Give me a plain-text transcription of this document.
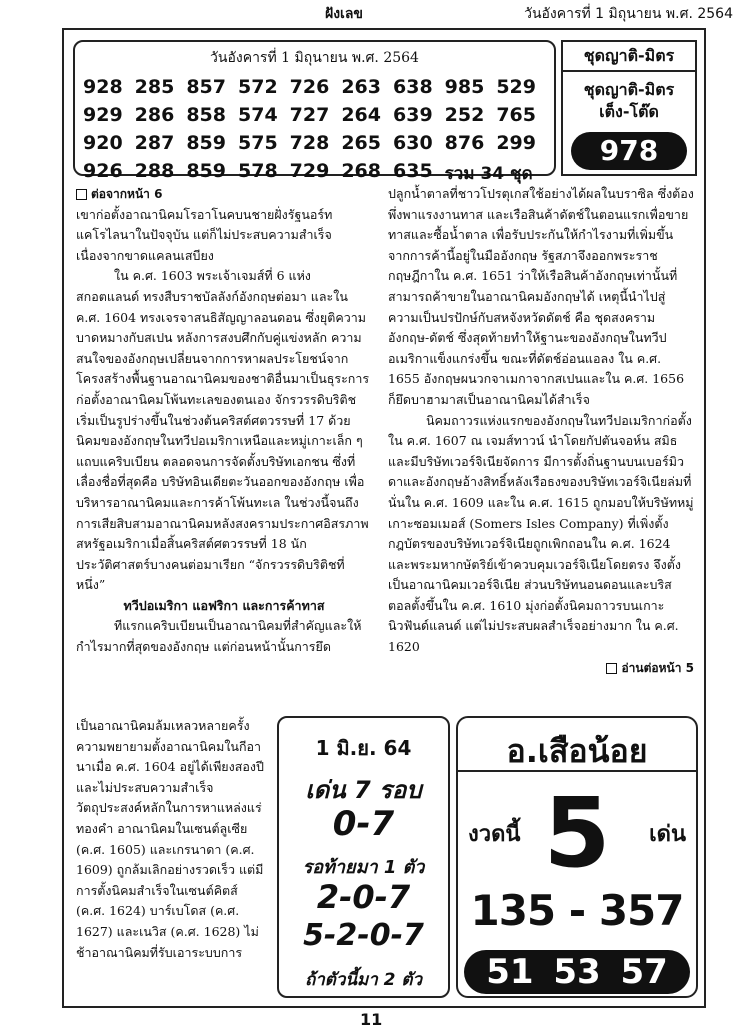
ฝังเลข	วันอังคารที่ 1 มิถุนายน พ.ศ. 2564
วันอังคารที่ 1 มิถุนายน พ.ศ. 2564
928 285 857 572 726 263 638 985 529
929 286 858 574 727 264 639 252 765
920 287 859 575 728 265 630 876 299
926 288 859 578 729 268 635 รวม 34 ชุด
ชุดญาติ-มิตร
ชุดญาติ-มิตร
เต็ง-โต๊ด
978

ต่อจากหน้า 6

เขาก่อตั้งอาณานิคมโรอาโนคบนชายฝั่งรัฐนอร์ทแคโรไลนาในปัจจุบัน แต่ก็ไม่ประสบความสำเร็จเนื่องจากขาดแคลนเสบียง

ใน ค.ศ. 1603 พระเจ้าเจมส์ที่ 6 แห่งสกอตแลนด์ ทรงสืบราชบัลลังก์อังกฤษต่อมา และใน ค.ศ. 1604 ทรงเจรจาสนธิสัญญาลอนดอน ซึ่งยุติความบาดหมางกับสเปน หลังการสงบศึกกับคู่แข่งหลัก ความสนใจของอังกฤษเปลี่ยนจากการหาผลประโยชน์จากโครงสร้างพื้นฐานอาณานิคมของชาติอื่นมาเป็นธุระการก่อตั้งอาณานิคมโพ้นทะเลของตนเอง จักรวรรดิบริติชเริ่มเป็นรูปร่างขึ้นในช่วงต้นคริสต์ศตวรรษที่ 17 ด้วยนิคมของอังกฤษในทวีปอเมริกาเหนือและหมู่เกาะเล็ก ๆ แถบแคริบเบียน ตลอดจนการจัดตั้งบริษัทเอกชน ซึ่งที่เลื่องชื่อที่สุดคือ บริษัทอินเดียตะวันออกของอังกฤษ เพื่อบริหารอาณานิคมและการค้าโพ้นทะเล ในช่วงนี้จนถึงการเสียสิบสามอาณานิคมหลังสงครามประกาศอิสรภาพสหรัฐอเมริกาเมื่อสิ้นคริสต์ศตวรรษที่ 18 นักประวัติศาสตร์บางคนต่อมาเรียก “จักรวรรดิบริติชที่หนึ่ง”

ทวีปอเมริกา แอฟริกา และการค้าทาส

ทีแรกแคริบเบียนเป็นอาณานิคมที่สำคัญและให้กำไรมากที่สุดของอังกฤษ แต่ก่อนหน้านั้นการยึด

เป็นอาณานิคมล้มเหลวหลายครั้ง ความพยายามตั้งอาณานิคมในกีอานาเมื่อ ค.ศ. 1604 อยู่ได้เพียงสองปี และไม่ประสบความสำเร็จวัตถุประสงค์หลักในการหาแหล่งแร่ทองคำ อาณานิคมในเซนต์ลูเซีย (ค.ศ. 1605) และเกรนาดา (ค.ศ. 1609) ถูกล้มเลิกอย่างรวดเร็ว แต่มีการตั้งนิคมสำเร็จในเซนต์คิตส์ (ค.ศ. 1624) บาร์เบโดส (ค.ศ. 1627) และเนวิส (ค.ศ. 1628) ไม่ช้าอาณานิคมที่รับเอาระบบการ

ปลูกน้ำตาลที่ชาวโปรตุเกสใช้อย่างได้ผลในบราซิล ซึ่งต้องพึ่งพาแรงงานทาส และเรือสินค้าดัตช์ในตอนแรกเพื่อขายทาสและซื้อน้ำตาล เพื่อรับประกันให้กำไรงามที่เพิ่มขึ้นจากการค้านี้อยู่ในมืออังกฤษ รัฐสภาจึงออกพระราชกฤษฎีกาใน ค.ศ. 1651 ว่าให้เรือสินค้าอังกฤษเท่านั้นที่สามารถค้าขายในอาณานิคมอังกฤษได้ เหตุนี้นำไปสู่ความเป็นปรปักษ์กับสหจังหวัดดัตช์ คือ ชุดสงครามอังกฤษ-ดัตช์ ซึ่งสุดท้ายทำให้ฐานะของอังกฤษในทวีปอเมริกาแข็งแกร่งขึ้น ขณะที่ดัตช์อ่อนแอลง ใน ค.ศ. 1655 อังกฤษผนวกจาเมกาจากสเปนและใน ค.ศ. 1656 ก็ยึดบาฮามาสเป็นอาณานิคมได้สำเร็จ

นิคมถาวรแห่งแรกของอังกฤษในทวีปอเมริกาก่อตั้งใน ค.ศ. 1607 ณ เจมส์ทาวน์ นำโดยกัปตันจอห์น สมิธ และมีบริษัทเวอร์จิเนียจัดการ มีการตั้งถิ่นฐานบนเบอร์มิวดาและอังกฤษอ้างสิทธิ์หลังเรือธงของบริษัทเวอร์จิเนียล่มที่นั่นใน ค.ศ. 1609 และใน ค.ศ. 1615 ถูกมอบให้บริษัทหมู่เกาะซอมเมอส์ (Somers Isles Company) ที่เพิ่งตั้ง กฎบัตรของบริษัทเวอร์จิเนียถูกเพิกถอนใน ค.ศ. 1624 และพระมหากษัตริย์เข้าควบคุมเวอร์จิเนียโดยตรง จึงตั้งเป็นอาณานิคมเวอร์จิเนีย ส่วนบริษัทนอนดอนและบริสตอลตั้งขึ้นใน ค.ศ. 1610 มุ่งก่อตั้งนิคมถาวรบนเกาะนิวฟันด์แลนด์ แต่ไม่ประสบผลสำเร็จอย่างมาก ใน ค.ศ. 1620

อ่านต่อหน้า 5

1 มิ.ย. 64
เด่น 7 รอบ
0-7
รอท้ายมา 1 ตัว
2-0-7
5-2-0-7
ถ้าตัวนี้มา 2 ตัว
อ.เสือน้อย
5
งวดนี้	เด่น
135 - 357
51 53 57
11
